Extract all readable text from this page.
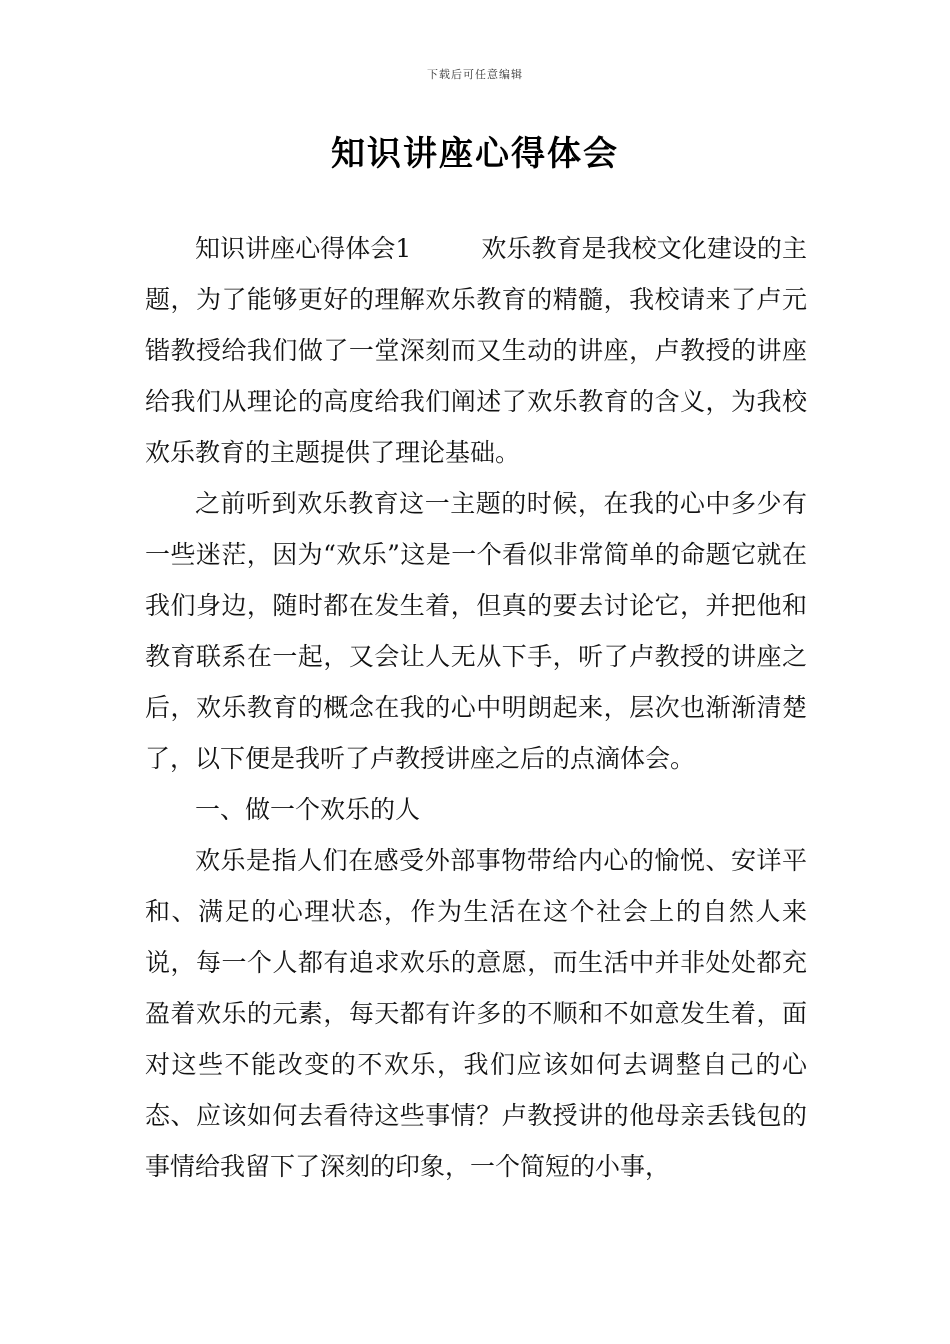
下载后可任意编辑
知识讲座心得体会

知识讲座心得体会1	欢乐教育是我校文化建设的主题，为了能够更好的理解欢乐教育的精髓，我校请来了卢元锴教授给我们做了一堂深刻而又生动的讲座，卢教授的讲座给我们从理论的高度给我们阐述了欢乐教育的含义，为我校欢乐教育的主题提供了理论基础。

之前听到欢乐教育这一主题的时候，在我的心中多少有一些迷茫，因为“欢乐”这是一个看似非常简单的命题它就在我们身边，随时都在发生着，但真的要去讨论它，并把他和教育联系在一起，又会让人无从下手，听了卢教授的讲座之后，欢乐教育的概念在我的心中明朗起来，层次也渐渐清楚了，以下便是我听了卢教授讲座之后的点滴体会。

一、做一个欢乐的人

欢乐是指人们在感受外部事物带给内心的愉悦、安详平和、满足的心理状态，作为生活在这个社会上的自然人来说，每一个人都有追求欢乐的意愿，而生活中并非处处都充盈着欢乐的元素，每天都有许多的不顺和不如意发生着，面对这些不能改变的不欢乐，我们应该如何去调整自己的心态、应该如何去看待这些事情？卢教授讲的他母亲丢钱包的事情给我留下了深刻的印象，一个简短的小事，
